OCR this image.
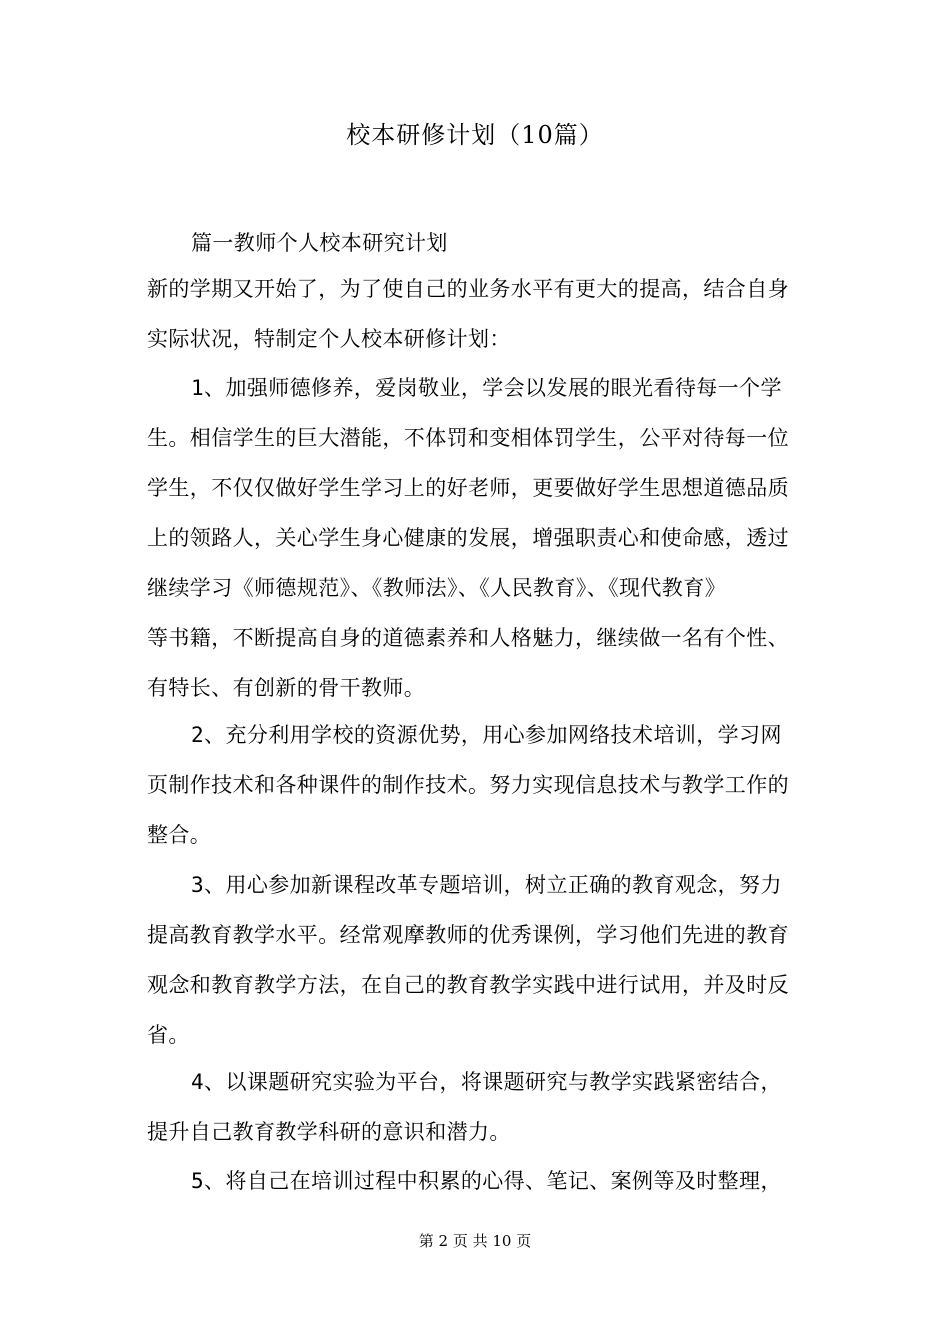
校本研修计划（10篇）
篇一教师个人校本研究计划
新的学期又开始了，为了使自己的业务水平有更大的提高，结合自身
实际状况，特制定个人校本研修计划：
1、加强师德修养，爱岗敬业，学会以发展的眼光看待每一个学
生。相信学生的巨大潜能，不体罚和变相体罚学生，公平对待每一位
学生，不仅仅做好学生学习上的好老师，更要做好学生思想道德品质
上的领路人，关心学生身心健康的发展，增强职责心和使命感，透过
继续学习《师德规范》、《教师法》、《人民教育》、《现代教育》
等书籍，不断提高自身的道德素养和人格魅力，继续做一名有个性、
有特长、有创新的骨干教师。
2、充分利用学校的资源优势，用心参加网络技术培训，学习网
页制作技术和各种课件的制作技术。努力实现信息技术与教学工作的
整合。
3、用心参加新课程改革专题培训，树立正确的教育观念，努力
提高教育教学水平。经常观摩教师的优秀课例，学习他们先进的教育
观念和教育教学方法，在自己的教育教学实践中进行试用，并及时反
省。
4、以课题研究实验为平台，将课题研究与教学实践紧密结合，
提升自己教育教学科研的意识和潜力。
5、将自己在培训过程中积累的心得、笔记、案例等及时整理，
第 2 页 共 10 页
